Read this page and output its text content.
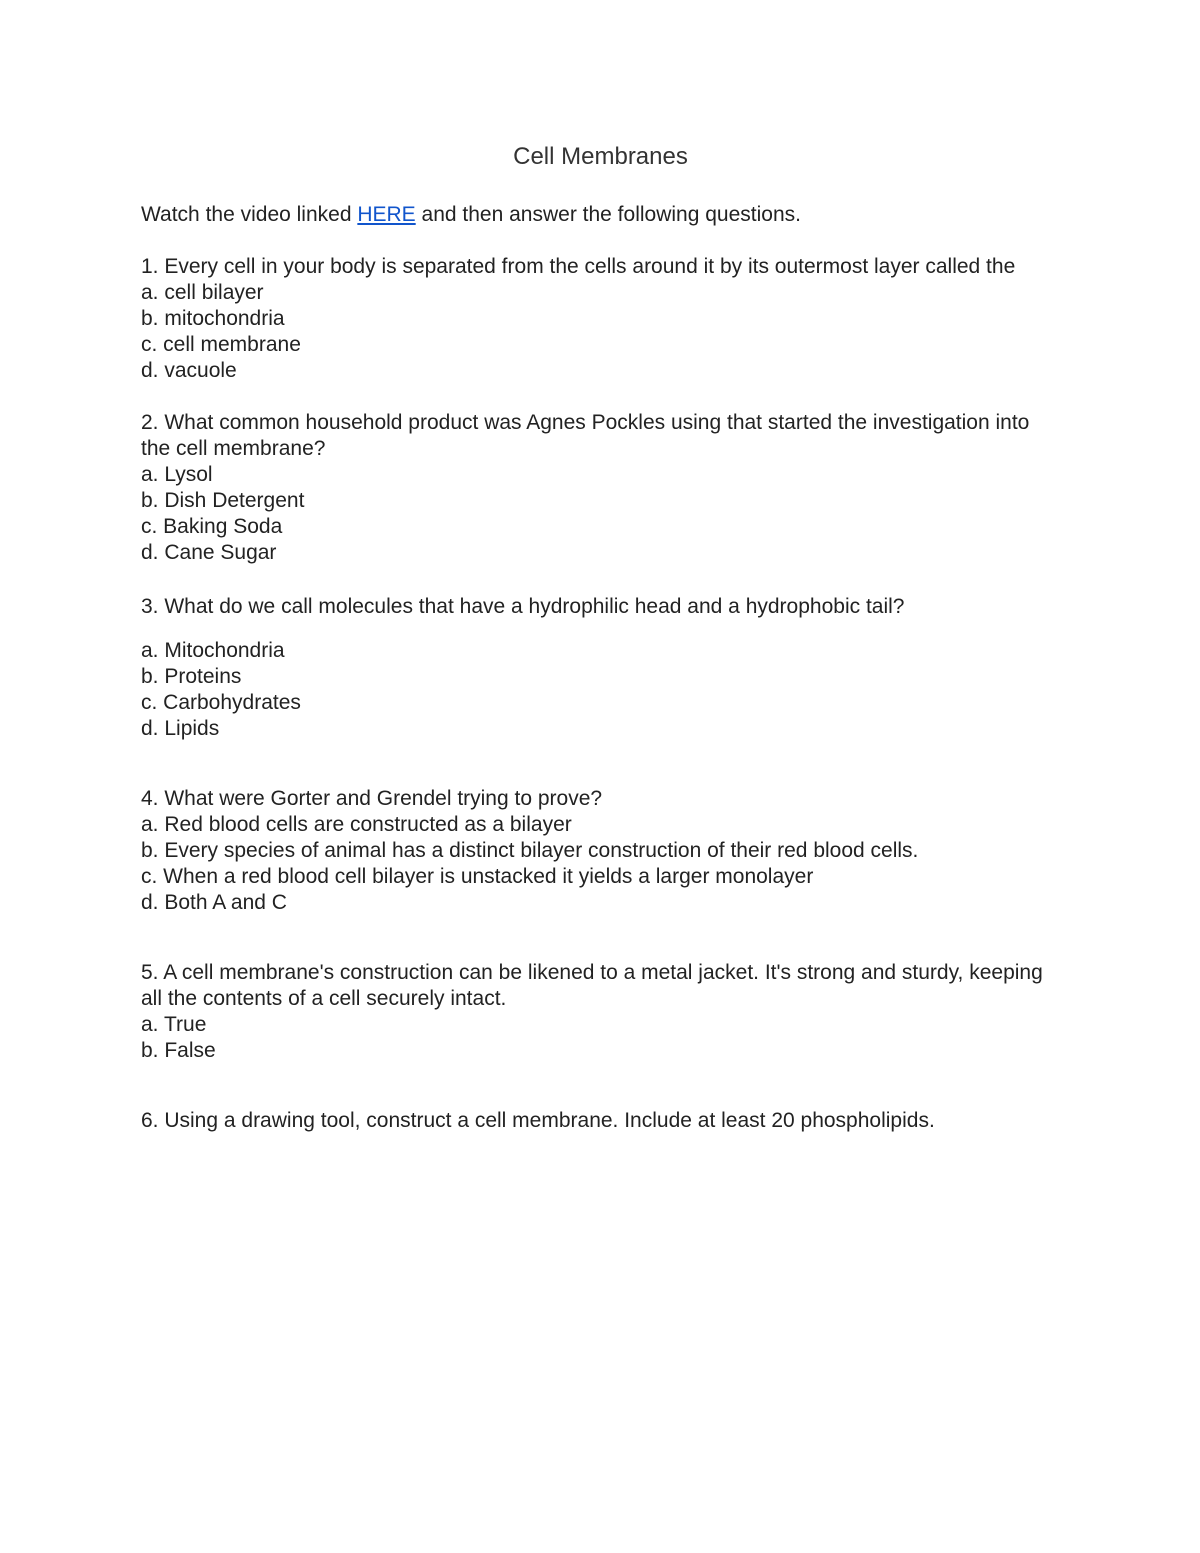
Cell Membranes

Watch the video linked HERE and then answer the following questions.

1. Every cell in your body is separated from the cells around it by its outermost layer called the

a. cell bilayer
b. mitochondria
c. cell membrane
d. vacuole

2. What common household product was Agnes Pockles using that started the investigation into the cell membrane?

a. Lysol
b. Dish Detergent
c. Baking Soda
d. Cane Sugar

3. What do we call molecules that have a hydrophilic head and a hydrophobic tail?

a. Mitochondria
b. Proteins
c. Carbohydrates
d. Lipids

4. What were Gorter and Grendel trying to prove?

a. Red blood cells are constructed as a bilayer
b. Every species of animal has a distinct bilayer construction of their red blood cells.
c. When a red blood cell bilayer is unstacked it yields a larger monolayer
d. Both A and C

5. A cell membrane's construction can be likened to a metal jacket. It's strong and sturdy, keeping all the contents of a cell securely intact.

a. True
b. False

6. Using a drawing tool, construct a cell membrane. Include at least 20 phospholipids.
